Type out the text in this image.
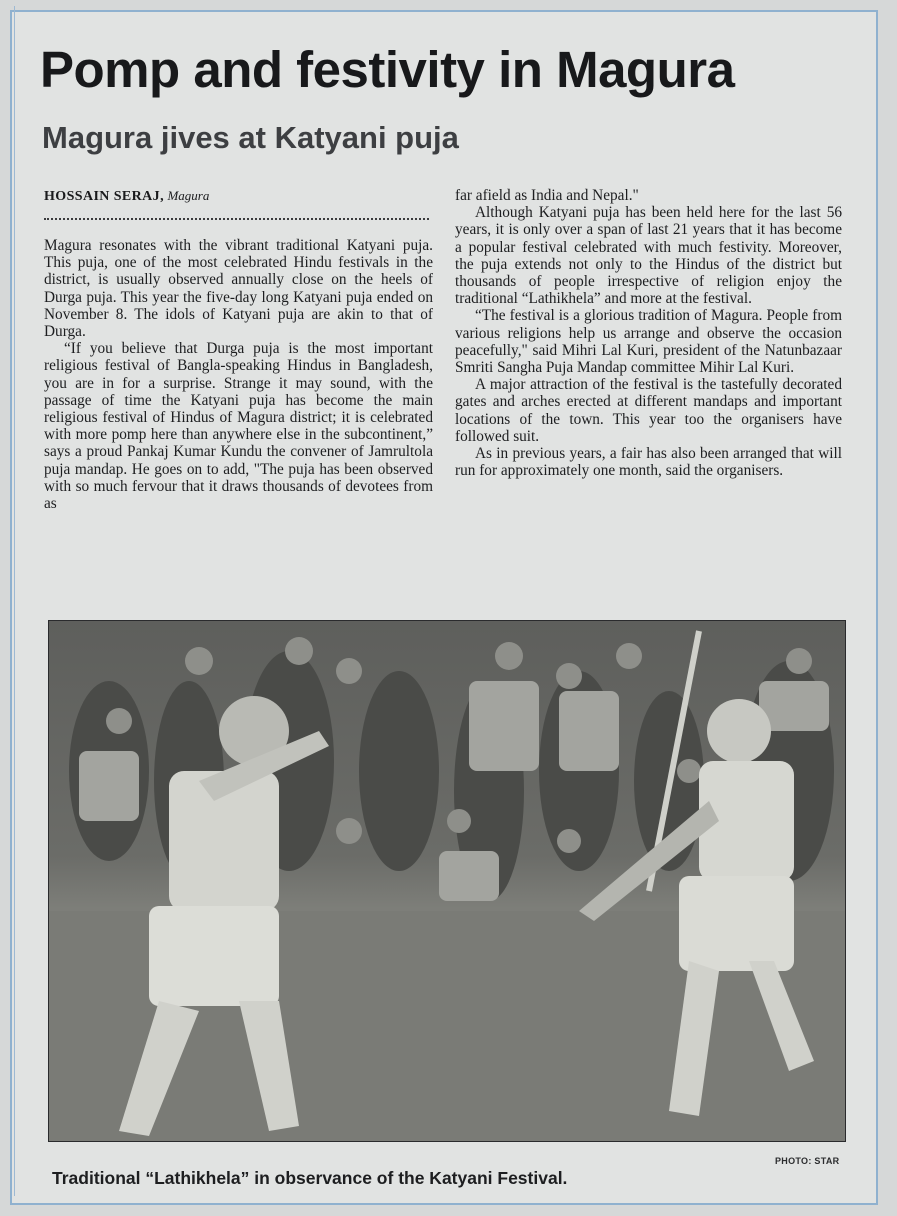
Pomp and festivity in Magura
Magura jives at Katyani puja
HOSSAIN SERAJ, Magura

Magura resonates with the vibrant traditional Katyani puja. This puja, one of the most celebrated Hindu festivals in the district, is usually observed annually close on the heels of Durga puja. This year the five-day long Katyani puja ended on November 8. The idols of Katyani puja are akin to that of Durga.

“If you believe that Durga puja is the most important religious festival of Bangla-speaking Hindus in Bangladesh, you are in for a surprise. Strange it may sound, with the passage of time the Katyani puja has become the main religious festival of Hindus of Magura district; it is celebrated with more pomp here than anywhere else in the subcontinent,” says a proud Pankaj Kumar Kundu the convener of Jamrultola puja mandap. He goes on to add, "The puja has been observed with so much fervour that it draws thousands of devotees from as

far afield as India and Nepal."

Although Katyani puja has been held here for the last 56 years, it is only over a span of last 21 years that it has become a popular festival celebrated with much festivity. Moreover, the puja extends not only to the Hindus of the district but thousands of people irrespective of religion enjoy the traditional “Lathikhela” and more at the festival.

“The festival is a glorious tradition of Magura. People from various religions help us arrange and observe the occasion peacefully," said Mihri Lal Kuri, president of the Natunbazaar Smriti Sangha Puja Mandap committee Mihir Lal Kuri.

A major attraction of the festival is the tastefully decorated gates and arches erected at different mandaps and important locations of the town. This year too the organisers have followed suit.

As in previous years, a fair has also been arranged that will run for approximately one month, said the organisers.

PHOTO: STAR
Traditional “Lathikhela” in observance of the Katyani Festival.
